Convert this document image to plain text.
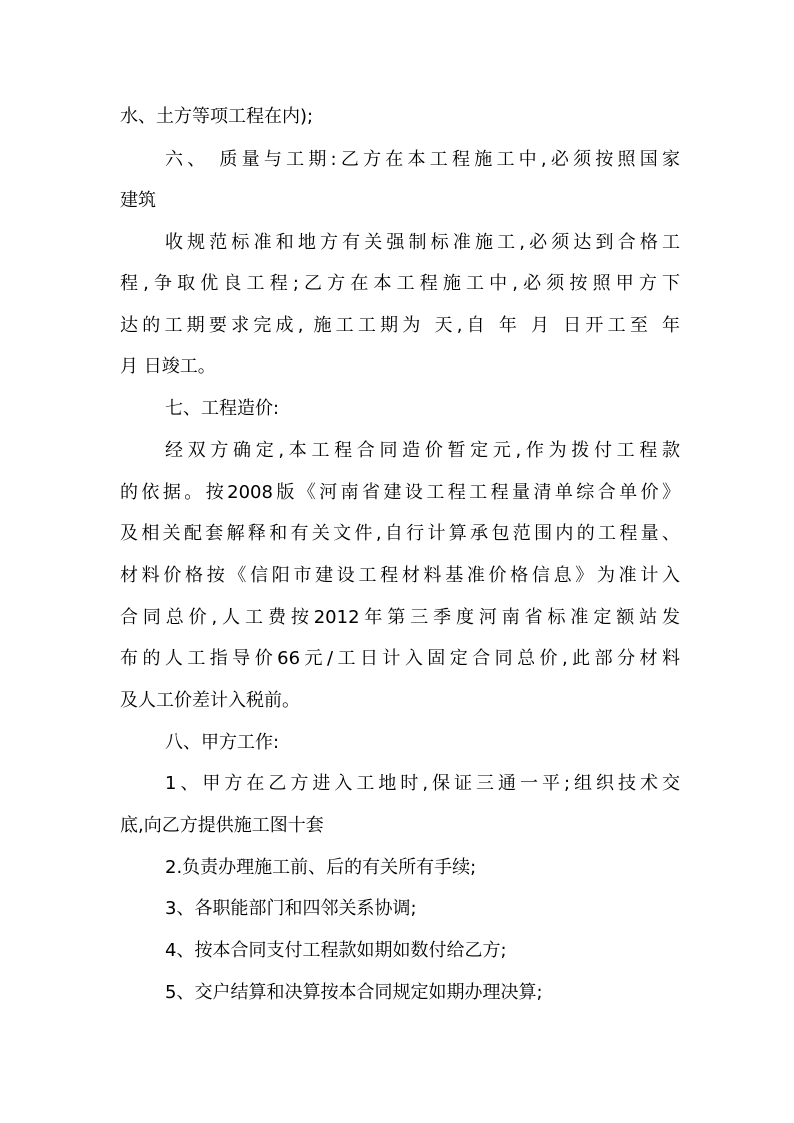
水、土方等项工程在内);
六、 质量与工期:乙方在本工程施工中,必须按照国家
建筑
收规范标准和地方有关强制标准施工,必须达到合格工
程,争取优良工程;乙方在本工程施工中,必须按照甲方下
达的工期要求完成, 施工工期为 天,自 年 月 日开工至 年
月 日竣工。
七、工程造价:
经双方确定,本工程合同造价暂定元,作为拨付工程款
的依据。按2008版《河南省建设工程工程量清单综合单价》
及相关配套解释和有关文件,自行计算承包范围内的工程量、
材料价格按《信阳市建设工程材料基准价格信息》为准计入
合同总价,人工费按2012年第三季度河南省标准定额站发
布的人工指导价66元/工日计入固定合同总价,此部分材料
及人工价差计入税前。
八、甲方工作:
1、甲方在乙方进入工地时,保证三通一平;组织技术交
底,向乙方提供施工图十套
2.负责办理施工前、后的有关所有手续;
3、各职能部门和四邻关系协调;
4、按本合同支付工程款如期如数付给乙方;
5、交户结算和决算按本合同规定如期办理决算;
